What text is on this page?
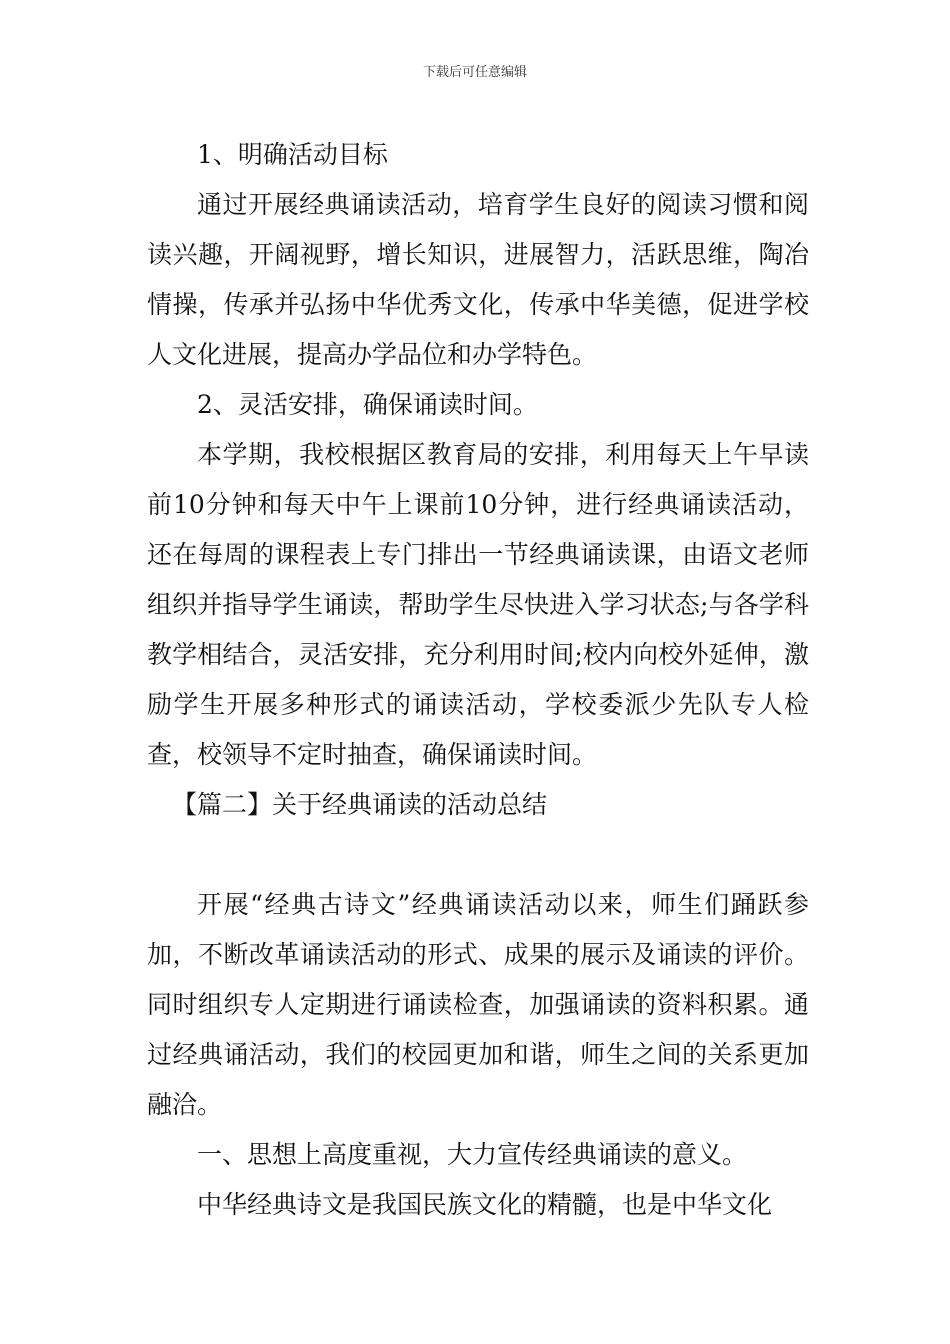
下载后可任意编辑

1、明确活动目标

通过开展经典诵读活动，培育学生良好的阅读习惯和阅读兴趣，开阔视野，增长知识，进展智力，活跃思维，陶冶情操，传承并弘扬中华优秀文化，传承中华美德，促进学校人文化进展，提高办学品位和办学特色。

2、灵活安排，确保诵读时间。

本学期，我校根据区教育局的安排，利用每天上午早读前10分钟和每天中午上课前10分钟，进行经典诵读活动，还在每周的课程表上专门排出一节经典诵读课，由语文老师组织并指导学生诵读，帮助学生尽快进入学习状态;与各学科教学相结合，灵活安排，充分利用时间;校内向校外延伸，激励学生开展多种形式的诵读活动，学校委派少先队专人检查，校领导不定时抽查，确保诵读时间。

【篇二】关于经典诵读的活动总结

开展“经典古诗文”经典诵读活动以来，师生们踊跃参加，不断改革诵读活动的形式、成果的展示及诵读的评价。同时组织专人定期进行诵读检查，加强诵读的资料积累。通过经典诵活动，我们的校园更加和谐，师生之间的关系更加融洽。

一、思想上高度重视，大力宣传经典诵读的意义。

中华经典诗文是我国民族文化的精髓，也是中华文化
